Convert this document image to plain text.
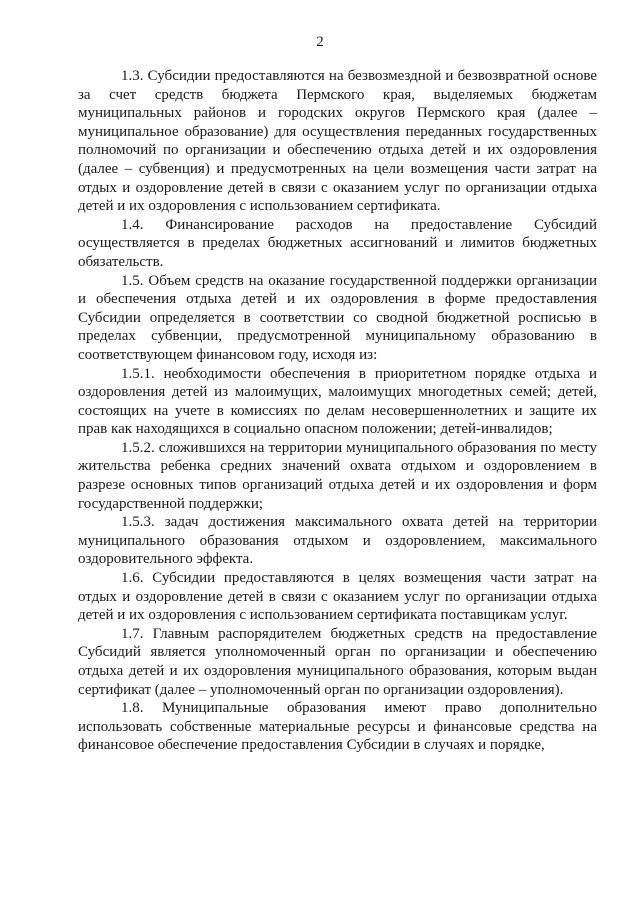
2

1.3. Субсидии предоставляются на безвозмездной и безвозвратной основе за счет средств бюджета Пермского края, выделяемых бюджетам муниципальных районов и городских округов Пермского края (далее – муниципальное образование) для осуществления переданных государственных полномочий по организации и обеспечению отдыха детей и их оздоровления (далее – субвенция) и предусмотренных на цели возмещения части затрат на отдых и оздоровление детей в связи с оказанием услуг по организации отдыха детей и их оздоровления с использованием сертификата.

1.4. Финансирование расходов на предоставление Субсидий осуществляется в пределах бюджетных ассигнований и лимитов бюджетных обязательств.

1.5. Объем средств на оказание государственной поддержки организации и обеспечения отдыха детей и их оздоровления в форме предоставления Субсидии определяется в соответствии со сводной бюджетной росписью в пределах субвенции, предусмотренной муниципальному образованию в соответствующем финансовом году, исходя из:

1.5.1. необходимости обеспечения в приоритетном порядке отдыха и оздоровления детей из малоимущих, малоимущих многодетных семей; детей, состоящих на учете в комиссиях по делам несовершеннолетних и защите их прав как находящихся в социально опасном положении; детей-инвалидов;

1.5.2. сложившихся на территории муниципального образования по месту жительства ребенка средних значений охвата отдыхом и оздоровлением в разрезе основных типов организаций отдыха детей и их оздоровления и форм государственной поддержки;

1.5.3. задач достижения максимального охвата детей на территории муниципального образования отдыхом и оздоровлением, максимального оздоровительного эффекта.

1.6. Субсидии предоставляются в целях возмещения части затрат на отдых и оздоровление детей в связи с оказанием услуг по организации отдыха детей и их оздоровления с использованием сертификата поставщикам услуг.

1.7. Главным распорядителем бюджетных средств на предоставление Субсидий является уполномоченный орган по организации и обеспечению отдыха детей и их оздоровления муниципального образования, которым выдан сертификат (далее – уполномоченный орган по организации оздоровления).

1.8. Муниципальные образования имеют право дополнительно использовать собственные материальные ресурсы и финансовые средства на финансовое обеспечение предоставления Субсидии в случаях и порядке,
